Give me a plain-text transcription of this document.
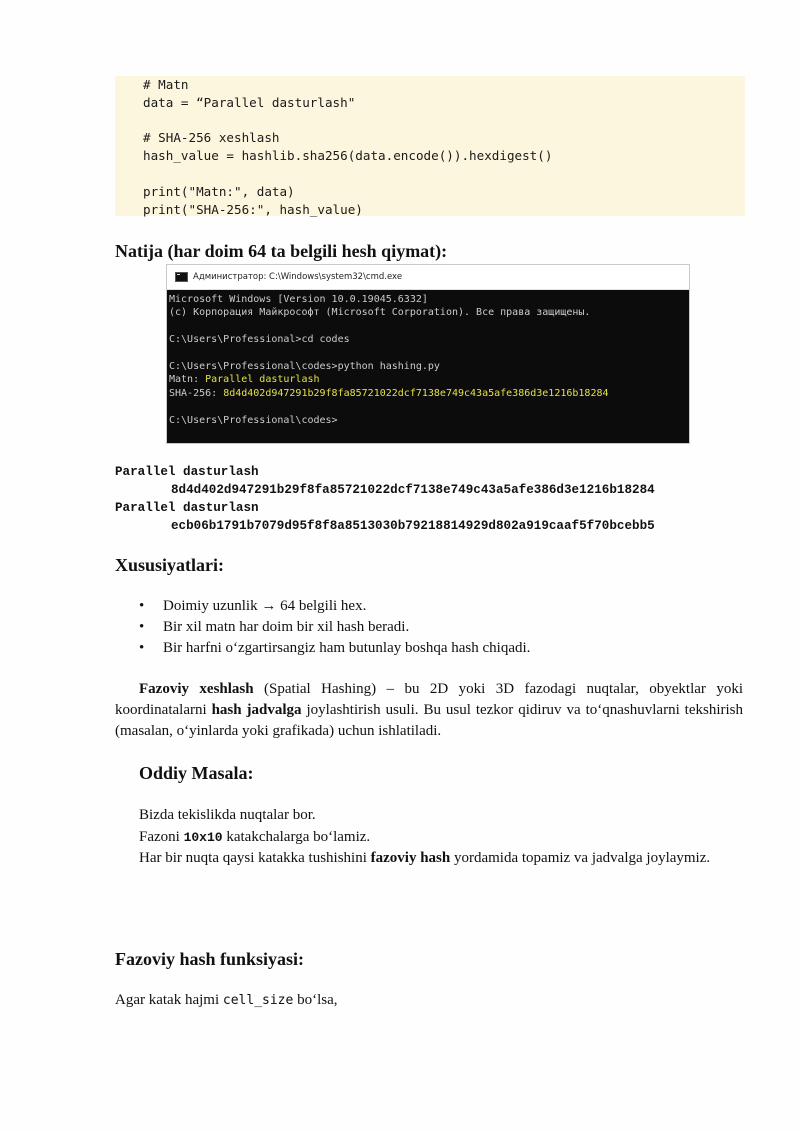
# Matn
data = “Parallel dasturlash"
# SHA-256 xeshlash
hash_value = hashlib.sha256(data.encode()).hexdigest()
print("Matn:", data)
print("SHA-256:", hash_value)
Natija (har doim 64 ta belgili hesh qiymat):
Администратор: C:\Windows\system32\cmd.exe
Microsoft Windows [Version 10.0.19045.6332]
(c) Корпорация Майкрософт (Microsoft Corporation). Все права защищены.
C:\Users\Professional>cd codes
C:\Users\Professional\codes>python hashing.py
Matn: Parallel dasturlash
SHA-256: 8d4d402d947291b29f8fa85721022dcf7138e749c43a5afe386d3e1216b18284
C:\Users\Professional\codes>
Parallel dasturlash
8d4d402d947291b29f8fa85721022dcf7138e749c43a5afe386d3e1216b18284
Parallel dasturlasn
ecb06b1791b7079d95f8f8a8513030b79218814929d802a919caaf5f70bcebb5
Xususiyatlari:
• Doimiy uzunlik → 64 belgili hex.
• Bir xil matn har doim bir xil hash beradi.
• Bir harfni o‘zgartirsangiz ham butunlay boshqa hash chiqadi.

Fazoviy xeshlash (Spatial Hashing) – bu 2D yoki 3D fazodagi nuqtalar, obyektlar yoki koordinatalarni hash jadvalga joylashtirish usuli. Bu usul tezkor qidiruv va to‘qnashuvlarni tekshirish (masalan, o‘yinlarda yoki grafikada) uchun ishlatiladi.

Oddiy Masala:
Bizda tekislikda nuqtalar bor.
Fazoni 10x10 katakchalarga bo‘lamiz.
Har bir nuqta qaysi katakka tushishini fazoviy hash yordamida topamiz va jadvalga joylaymiz.
Fazoviy hash funksiyasi:
Agar katak hajmi cell_size bo‘lsa,
